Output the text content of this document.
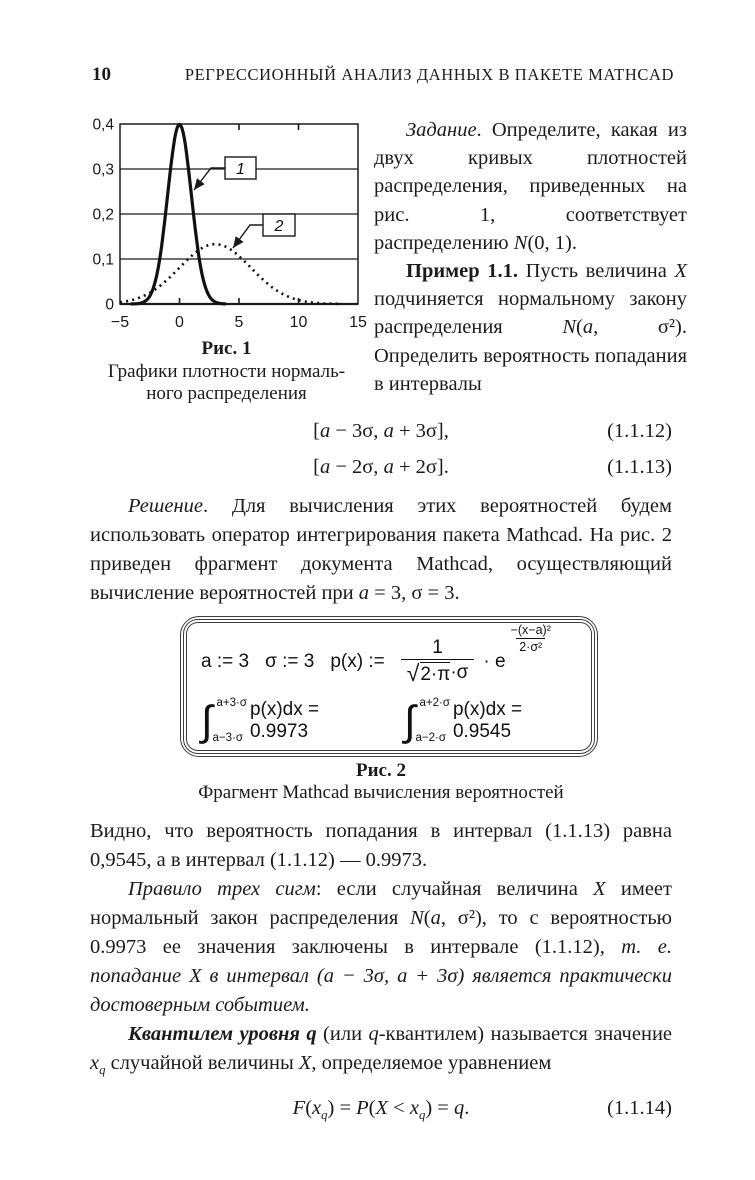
10	РЕГРЕССИОННЫЙ АНАЛИЗ ДАННЫХ В ПАКЕТЕ MATHCAD
−5	0	5	10	15
0
0,1
0,2
0,3
0,4
1
2
Рис. 1
Графики плотности нормаль-
ного распределения

Задание. Определите, какая из двух кривых плотностей распределения, приведенных на рис. 1, соответствует распределению N(0, 1).

Пример 1.1. Пусть величина X подчиняется нормальному закону распределения N(a, σ²). Определить вероятность попадания в интервалы

[a − 3σ, a + 3σ],	(1.1.12)
[a − 2σ, a + 2σ].	(1.1.13)

Решение. Для вычисления этих вероятностей будем использовать оператор интегрирования пакета Mathcad. На рис. 2 приведен фрагмент документа Mathcad, осуществляющий вычисление вероятностей при a = 3, σ = 3.

a := 3 σ := 3 p(x) := $\frac{1}{√ 2\cdot\pi \cdot\sigma} \cdot e$
$\frac{\text{−(x−a)²}}{\text{2·σ²}}$
∫ a+3·σ
a−3·σ
p(x)dx = 0.9973	∫ a+2·σ
a−2·σ
p(x)dx = 0.9545
Рис. 2
Фрагмент Mathcad вычисления вероятностей

Видно, что вероятность попадания в интервал (1.1.13) равна 0,9545, а в интервал (1.1.12) — 0.9973.

Правило трех сигм: если случайная величина X имеет нормальный закон распределения N(a, σ²), то с вероятностью 0.9973 ее значения заключены в интервале (1.1.12), т. е. попадание X в интервал (a − 3σ, a + 3σ) является практически достоверным событием.

Квантилем уровня q (или q-квантилем) называется значение $x_q$ случайной величины X, определяемое уравнением

$F(x_q) = P(X < x_q) = q$.	(1.1.14)
